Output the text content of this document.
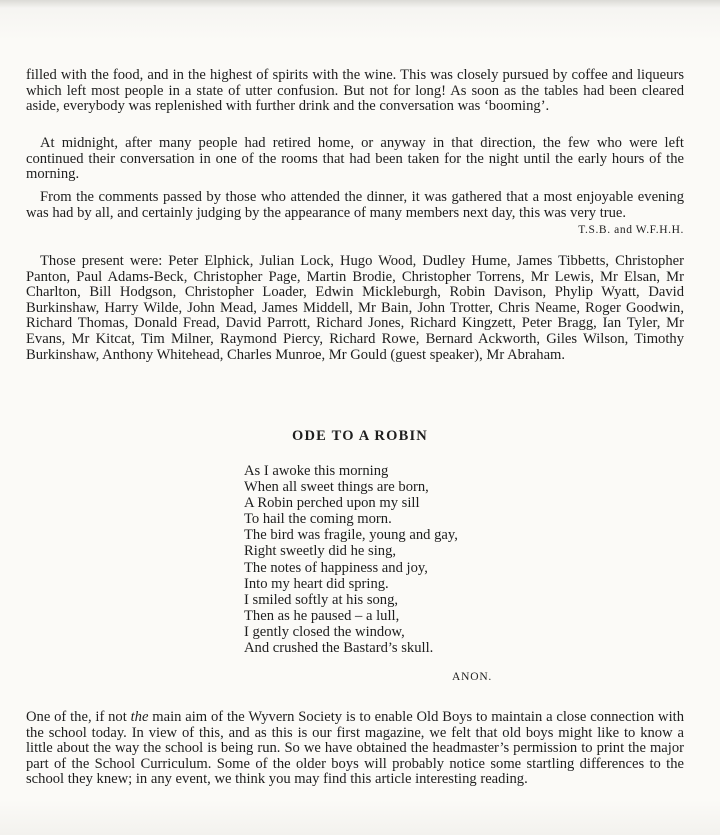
filled with the food, and in the highest of spirits with the wine. This was closely pursued by coffee and liqueurs which left most people in a state of utter confusion. But not for long! As soon as the tables had been cleared aside, everybody was replenished with further drink and the conversation was ‘booming’.

At midnight, after many people had retired home, or anyway in that direction, the few who were left continued their conversation in one of the rooms that had been taken for the night until the early hours of the morning.

From the comments passed by those who attended the dinner, it was gathered that a most enjoyable evening was had by all, and certainly judging by the appearance of many members next day, this was very true.
T.S.B. and W.F.H.H.

Those present were: Peter Elphick, Julian Lock, Hugo Wood, Dudley Hume, James Tibbetts, Christopher Panton, Paul Adams-Beck, Christopher Page, Martin Brodie, Christopher Torrens, Mr Lewis, Mr Elsan, Mr Charlton, Bill Hodgson, Christopher Loader, Edwin Mickleburgh, Robin Davison, Phylip Wyatt, David Burkinshaw, Harry Wilde, John Mead, James Middell, Mr Bain, John Trotter, Chris Neame, Roger Goodwin, Richard Thomas, Donald Fread, David Parrott, Richard Jones, Richard Kingzett, Peter Bragg, Ian Tyler, Mr Evans, Mr Kitcat, Tim Milner, Raymond Piercy, Richard Rowe, Bernard Ackworth, Giles Wilson, Timothy Burkinshaw, Anthony Whitehead, Charles Munroe, Mr Gould (guest speaker), Mr Abraham.

ODE TO A ROBIN
As I awoke this morning
When all sweet things are born,
A Robin perched upon my sill
To hail the coming morn.
The bird was fragile, young and gay,
Right sweetly did he sing,
The notes of happiness and joy,
Into my heart did spring.
I smiled softly at his song,
Then as he paused – a lull,
I gently closed the window,
And crushed the Bastard’s skull.
ANON.

One of the, if not the main aim of the Wyvern Society is to enable Old Boys to maintain a close connection with the school today. In view of this, and as this is our first magazine, we felt that old boys might like to know a little about the way the school is being run. So we have obtained the headmaster’s permission to print the major part of the School Curriculum. Some of the older boys will probably notice some startling differences to the school they knew; in any event, we think you may find this article interesting reading.
